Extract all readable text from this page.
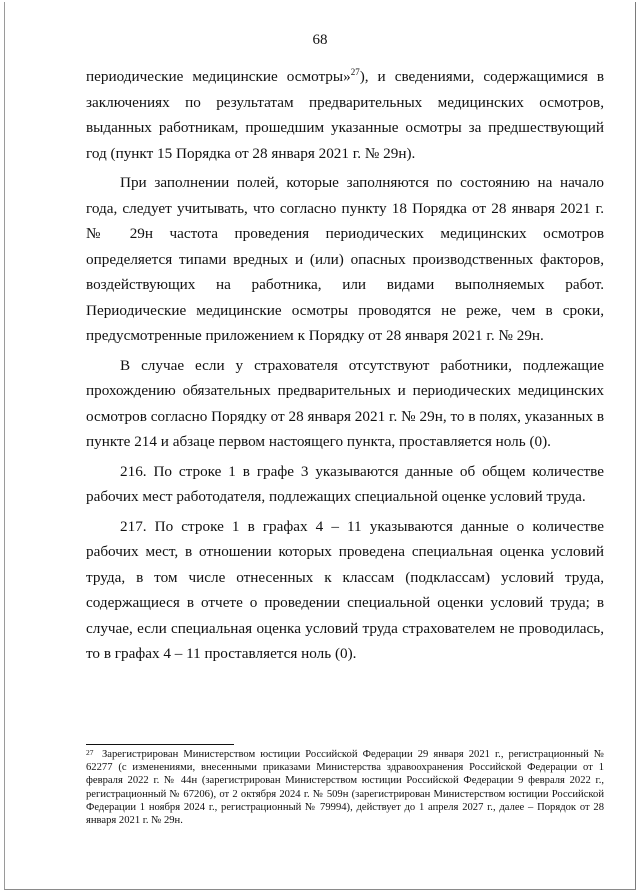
68

периодические медицинские осмотры»$^{27}$), и сведениями, содержащимися в заключениях по результатам предварительных медицинских осмотров, выданных работникам, прошедшим указанные осмотры за предшествующий год (пункт 15 Порядка от 28 января 2021 г. № 29н).

При заполнении полей, которые заполняются по состоянию на начало года, следует учитывать, что согласно пункту 18 Порядка от 28 января 2021 г. № 29н частота проведения периодических медицинских осмотров определяется типами вредных и (или) опасных производственных факторов, воздействующих на работника, или видами выполняемых работ. Периодические медицинские осмотры проводятся не реже, чем в сроки, предусмотренные приложением к Порядку от 28 января 2021 г. № 29н.

В случае если у страхователя отсутствуют работники, подлежащие прохождению обязательных предварительных и периодических медицинских осмотров согласно Порядку от 28 января 2021 г. № 29н, то в полях, указанных в пункте 214 и абзаце первом настоящего пункта, проставляется ноль (0).

216. По строке 1 в графе 3 указываются данные об общем количестве рабочих мест работодателя, подлежащих специальной оценке условий труда.

217. По строке 1 в графах 4 – 11 указываются данные о количестве рабочих мест, в отношении которых проведена специальная оценка условий труда, в том числе отнесенных к классам (подклассам) условий труда, содержащиеся в отчете о проведении специальной оценки условий труда; в случае, если специальная оценка условий труда страхователем не проводилась, то в графах 4 – 11 проставляется ноль (0).

27 Зарегистрирован Министерством юстиции Российской Федерации 29 января 2021 г., регистрационный № 62277 (с изменениями, внесенными приказами Министерства здравоохранения Российской Федерации от 1 февраля 2022 г. № 44н (зарегистрирован Министерством юстиции Российской Федерации 9 февраля 2022 г., регистрационный № 67206), от 2 октября 2024 г. № 509н (зарегистрирован Министерством юстиции Российской Федерации 1 ноября 2024 г., регистрационный № 79994), действует до 1 апреля 2027 г., далее – Порядок от 28 января 2021 г. № 29н.
